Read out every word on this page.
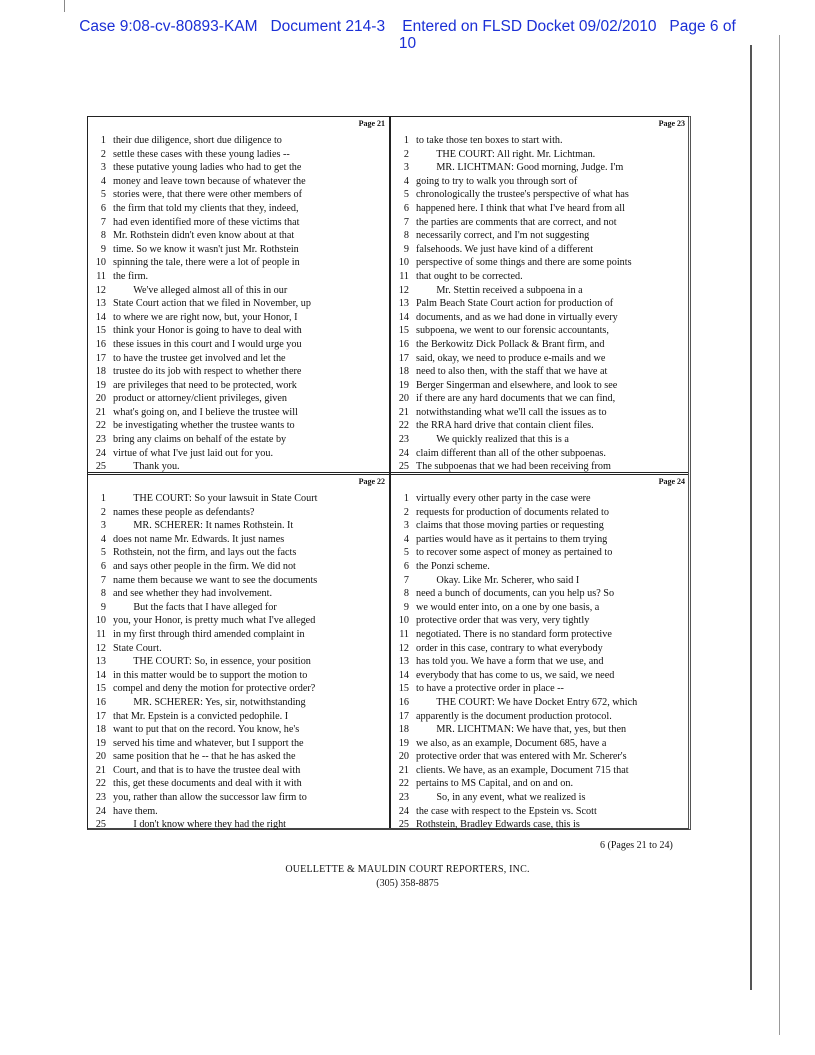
Case 9:08-cv-80893-KAM   Document 214-3    Entered on FLSD Docket 09/02/2010   Page 6 of
10
Page 21
1 their due diligence, short due diligence to
2 settle these cases with these young ladies --
3 these putative young ladies who had to get the
4 money and leave town because of whatever the
5 stories were, that there were other members of
6 the firm that told my clients that they, indeed,
7 had even identified more of these victims that
8 Mr. Rothstein didn't even know about at that
9 time. So we know it wasn't just Mr. Rothstein
10 spinning the tale, there were a lot of people in
11 the firm.
12        We've alleged almost all of this in our
13 State Court action that we filed in November, up
14 to where we are right now, but, your Honor, I
15 think your Honor is going to have to deal with
16 these issues in this court and I would urge you
17 to have the trustee get involved and let the
18 trustee do its job with respect to whether there
19 are privileges that need to be protected, work
20 product or attorney/client privileges, given
21 what's going on, and I believe the trustee will
22 be investigating whether the trustee wants to
23 bring any claims on behalf of the estate by
24 virtue of what I've just laid out for you.
25        Thank you.
Page 23
1 to take those ten boxes to start with.
2        THE COURT: All right. Mr. Lichtman.
3        MR. LICHTMAN: Good morning, Judge. I'm
4 going to try to walk you through sort of
5 chronologically the trustee's perspective of what has
6 happened here. I think that what I've heard from all
7 the parties are comments that are correct, and not
8 necessarily correct, and I'm not suggesting
9 falsehoods. We just have kind of a different
10 perspective of some things and there are some points
11 that ought to be corrected.
12        Mr. Stettin received a subpoena in a
13 Palm Beach State Court action for production of
14 documents, and as we had done in virtually every
15 subpoena, we went to our forensic accountants,
16 the Berkowitz Dick Pollack & Brant firm, and
17 said, okay, we need to produce e-mails and we
18 need to also then, with the staff that we have at
19 Berger Singerman and elsewhere, and look to see
20 if there are any hard documents that we can find,
21 notwithstanding what we'll call the issues as to
22 the RRA hard drive that contain client files.
23        We quickly realized that this is a
24 claim different than all of the other subpoenas.
25 The subpoenas that we had been receiving from
Page 22
1        THE COURT: So your lawsuit in State Court
2 names these people as defendants?
3        MR. SCHERER: It names Rothstein. It
4 does not name Mr. Edwards. It just names
5 Rothstein, not the firm, and lays out the facts
6 and says other people in the firm. We did not
7 name them because we want to see the documents
8 and see whether they had involvement.
9        But the facts that I have alleged for
10 you, your Honor, is pretty much what I've alleged
11 in my first through third amended complaint in
12 State Court.
13        THE COURT: So, in essence, your position
14 in this matter would be to support the motion to
15 compel and deny the motion for protective order?
16        MR. SCHERER: Yes, sir, notwithstanding
17 that Mr. Epstein is a convicted pedophile. I
18 want to put that on the record. You know, he's
19 served his time and whatever, but I support the
20 same position that he -- that he has asked the
21 Court, and that is to have the trustee deal with
22 this, get these documents and deal with it with
23 you, rather than allow the successor law firm to
24 have them.
25        I don't know where they had the right
Page 24
1 virtually every other party in the case were
2 requests for production of documents related to
3 claims that those moving parties or requesting
4 parties would have as it pertains to them trying
5 to recover some aspect of money as pertained to
6 the Ponzi scheme.
7        Okay. Like Mr. Scherer, who said I
8 need a bunch of documents, can you help us? So
9 we would enter into, on a one by one basis, a
10 protective order that was very, very tightly
11 negotiated. There is no standard form protective
12 order in this case, contrary to what everybody
13 has told you. We have a form that we use, and
14 everybody that has come to us, we said, we need
15 to have a protective order in place --
16        THE COURT: We have Docket Entry 672, which
17 apparently is the document production protocol.
18        MR. LICHTMAN: We have that, yes, but then
19 we also, as an example, Document 685, have a
20 protective order that was entered with Mr. Scherer's
21 clients. We have, as an example, Document 715 that
22 pertains to MS Capital, and on and on.
23        So, in any event, what we realized is
24 the case with respect to the Epstein vs. Scott
25 Rothstein, Bradley Edwards case, this is
6 (Pages 21 to 24)
OUELLETTE & MAULDIN COURT REPORTERS, INC.
(305) 358-8875
